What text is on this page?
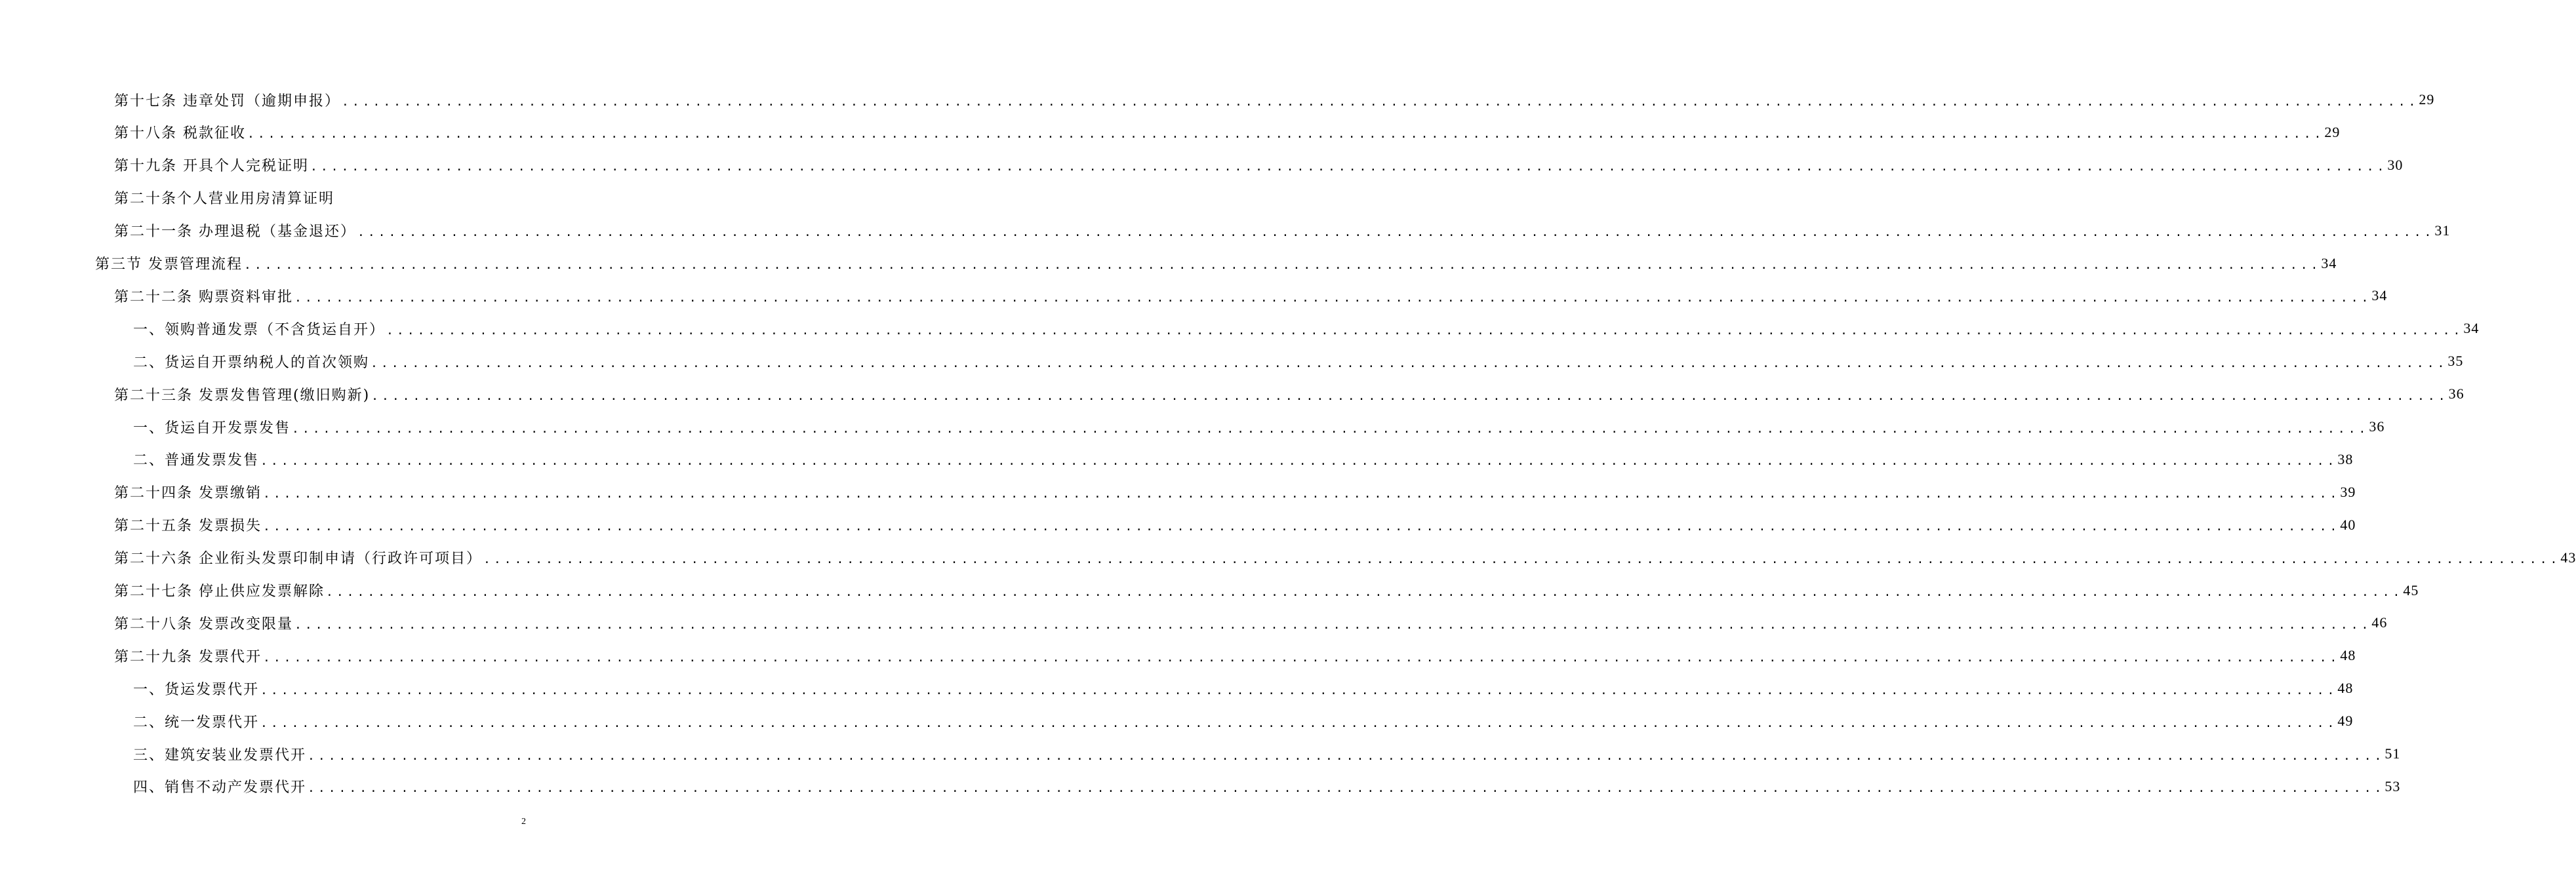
第十七条 违章处罚（逾期申报） ........................................................................................................................................................................................................ 29
第十八条 税款征收 ........................................................................................................................................................................................................ 29
第十九条 开具个人完税证明 ........................................................................................................................................................................................................ 30
第二十条个人营业用房清算证明
第二十一条 办理退税（基金退还） ........................................................................................................................................................................................................ 31
第三节 发票管理流程 ........................................................................................................................................................................................................ 34
第二十二条 购票资料审批 ........................................................................................................................................................................................................ 34
一、领购普通发票（不含货运自开） ........................................................................................................................................................................................................ 34
二、货运自开票纳税人的首次领购 ........................................................................................................................................................................................................ 35
第二十三条 发票发售管理(缴旧购新) ........................................................................................................................................................................................................ 36
一、货运自开发票发售 ........................................................................................................................................................................................................ 36
二、普通发票发售 ........................................................................................................................................................................................................ 38
第二十四条 发票缴销 ........................................................................................................................................................................................................ 39
第二十五条 发票损失 ........................................................................................................................................................................................................ 40
第二十六条 企业衔头发票印制申请（行政许可项目） ........................................................................................................................................................................................................ 43
第二十七条 停止供应发票解除 ........................................................................................................................................................................................................ 45
第二十八条 发票改变限量 ........................................................................................................................................................................................................ 46
第二十九条 发票代开 ........................................................................................................................................................................................................ 48
一、货运发票代开 ........................................................................................................................................................................................................ 48
二、统一发票代开 ........................................................................................................................................................................................................ 49
三、建筑安装业发票代开 ........................................................................................................................................................................................................ 51
四、销售不动产发票代开 ........................................................................................................................................................................................................ 53
2
